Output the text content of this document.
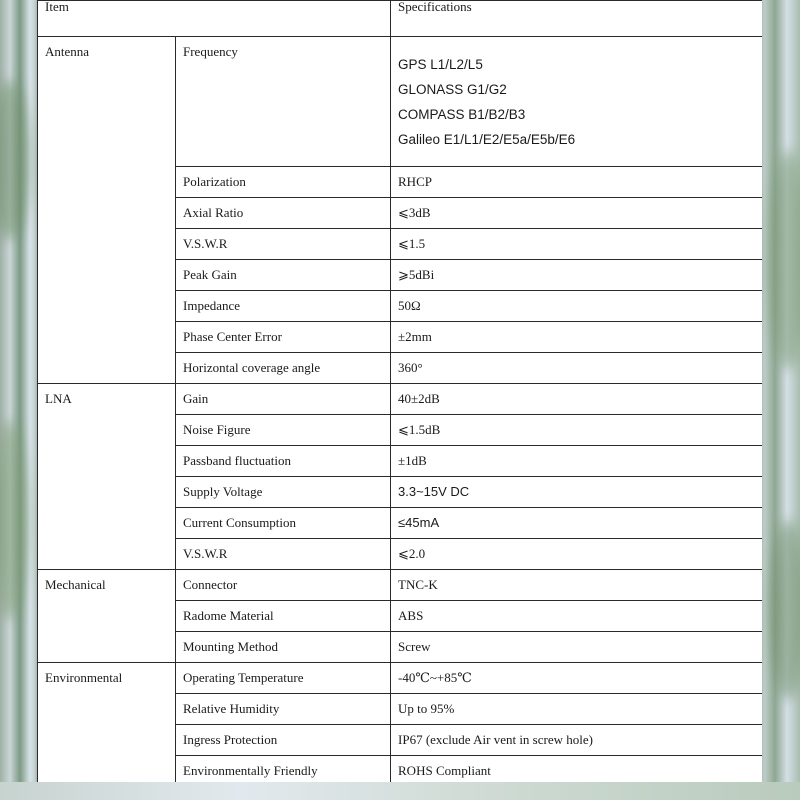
Item		Specifications

Antenna	Frequency	GPS L1/L2/L5
GLONASS G1/G2
COMPASS B1/B2/B3
Galileo E1/L1/E2/E5a/E5b/E6

	Polarization	RHCP
	Axial Ratio	⩽3dB
	V.S.W.R	⩽1.5
	Peak Gain	⩾5dBi
	Impedance	50Ω
	Phase Center Error	±2mm
	Horizontal coverage angle	360°
LNA	Gain	40±2dB
	Noise Figure	⩽1.5dB
	Passband fluctuation	±1dB
	Supply Voltage	3.3~15V DC
	Current Consumption	≤45mA
	V.S.W.R	⩽2.0
Mechanical	Connector	TNC-K
	Radome Material	ABS
	Mounting Method	Screw
Environmental	Operating Temperature	-40℃~+85℃
	Relative Humidity	Up to 95%
	Ingress Protection	IP67 (exclude Air vent in screw hole)
	Environmentally Friendly	ROHS Compliant
